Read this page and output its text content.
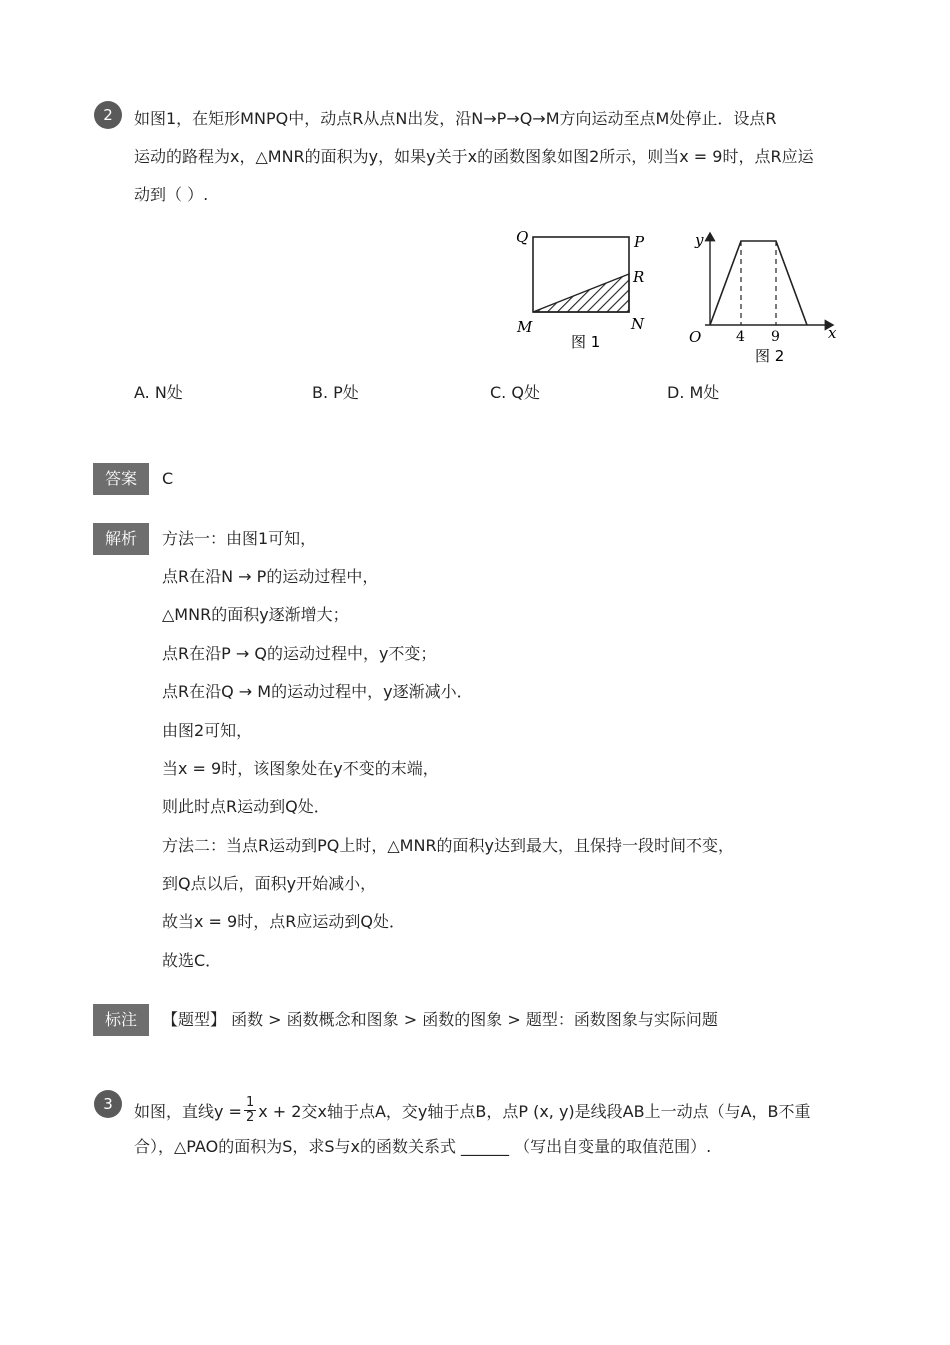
2	如图1，在矩形MNPQ中，动点R从点N出发，沿N→P→Q→M方向运动至点M处停止．设点R
运动的路程为x，△MNR的面积为y，如果y关于x的函数图象如图2所示，则当x = 9时，点R应运
动到（ ）.
Q	P
R
M	N
图 1
y
x
O 4 9
图 2
A. N处	B. P处	C. Q处	D. M处
答案	C
解析	方法一：由图1可知，
点R在沿N → P的运动过程中，
△MNR的面积y逐渐增大；
点R在沿P → Q的运动过程中，y不变；
点R在沿Q → M的运动过程中，y逐渐减小．
由图2可知，
当x = 9时，该图象处在y不变的末端，
则此时点R运动到Q处．
方法二：当点R运动到PQ上时，△MNR的面积y达到最大，且保持一段时间不变，
到Q点以后，面积y开始减小，
故当x = 9时，点R应运动到Q处．
故选C．
标注	【题型】 函数 > 函数概念和图象 > 函数的图象 > 题型：函数图象与实际问题
3	如图，直线$y = \frac{1}{2}$ x + 2交x轴于点A，交y轴于点B，点P (x, y)是线段AB上一动点（与A，B不重
合），△PAO的面积为S，求S与x的函数关系式 ______ （写出自变量的取值范围）.
